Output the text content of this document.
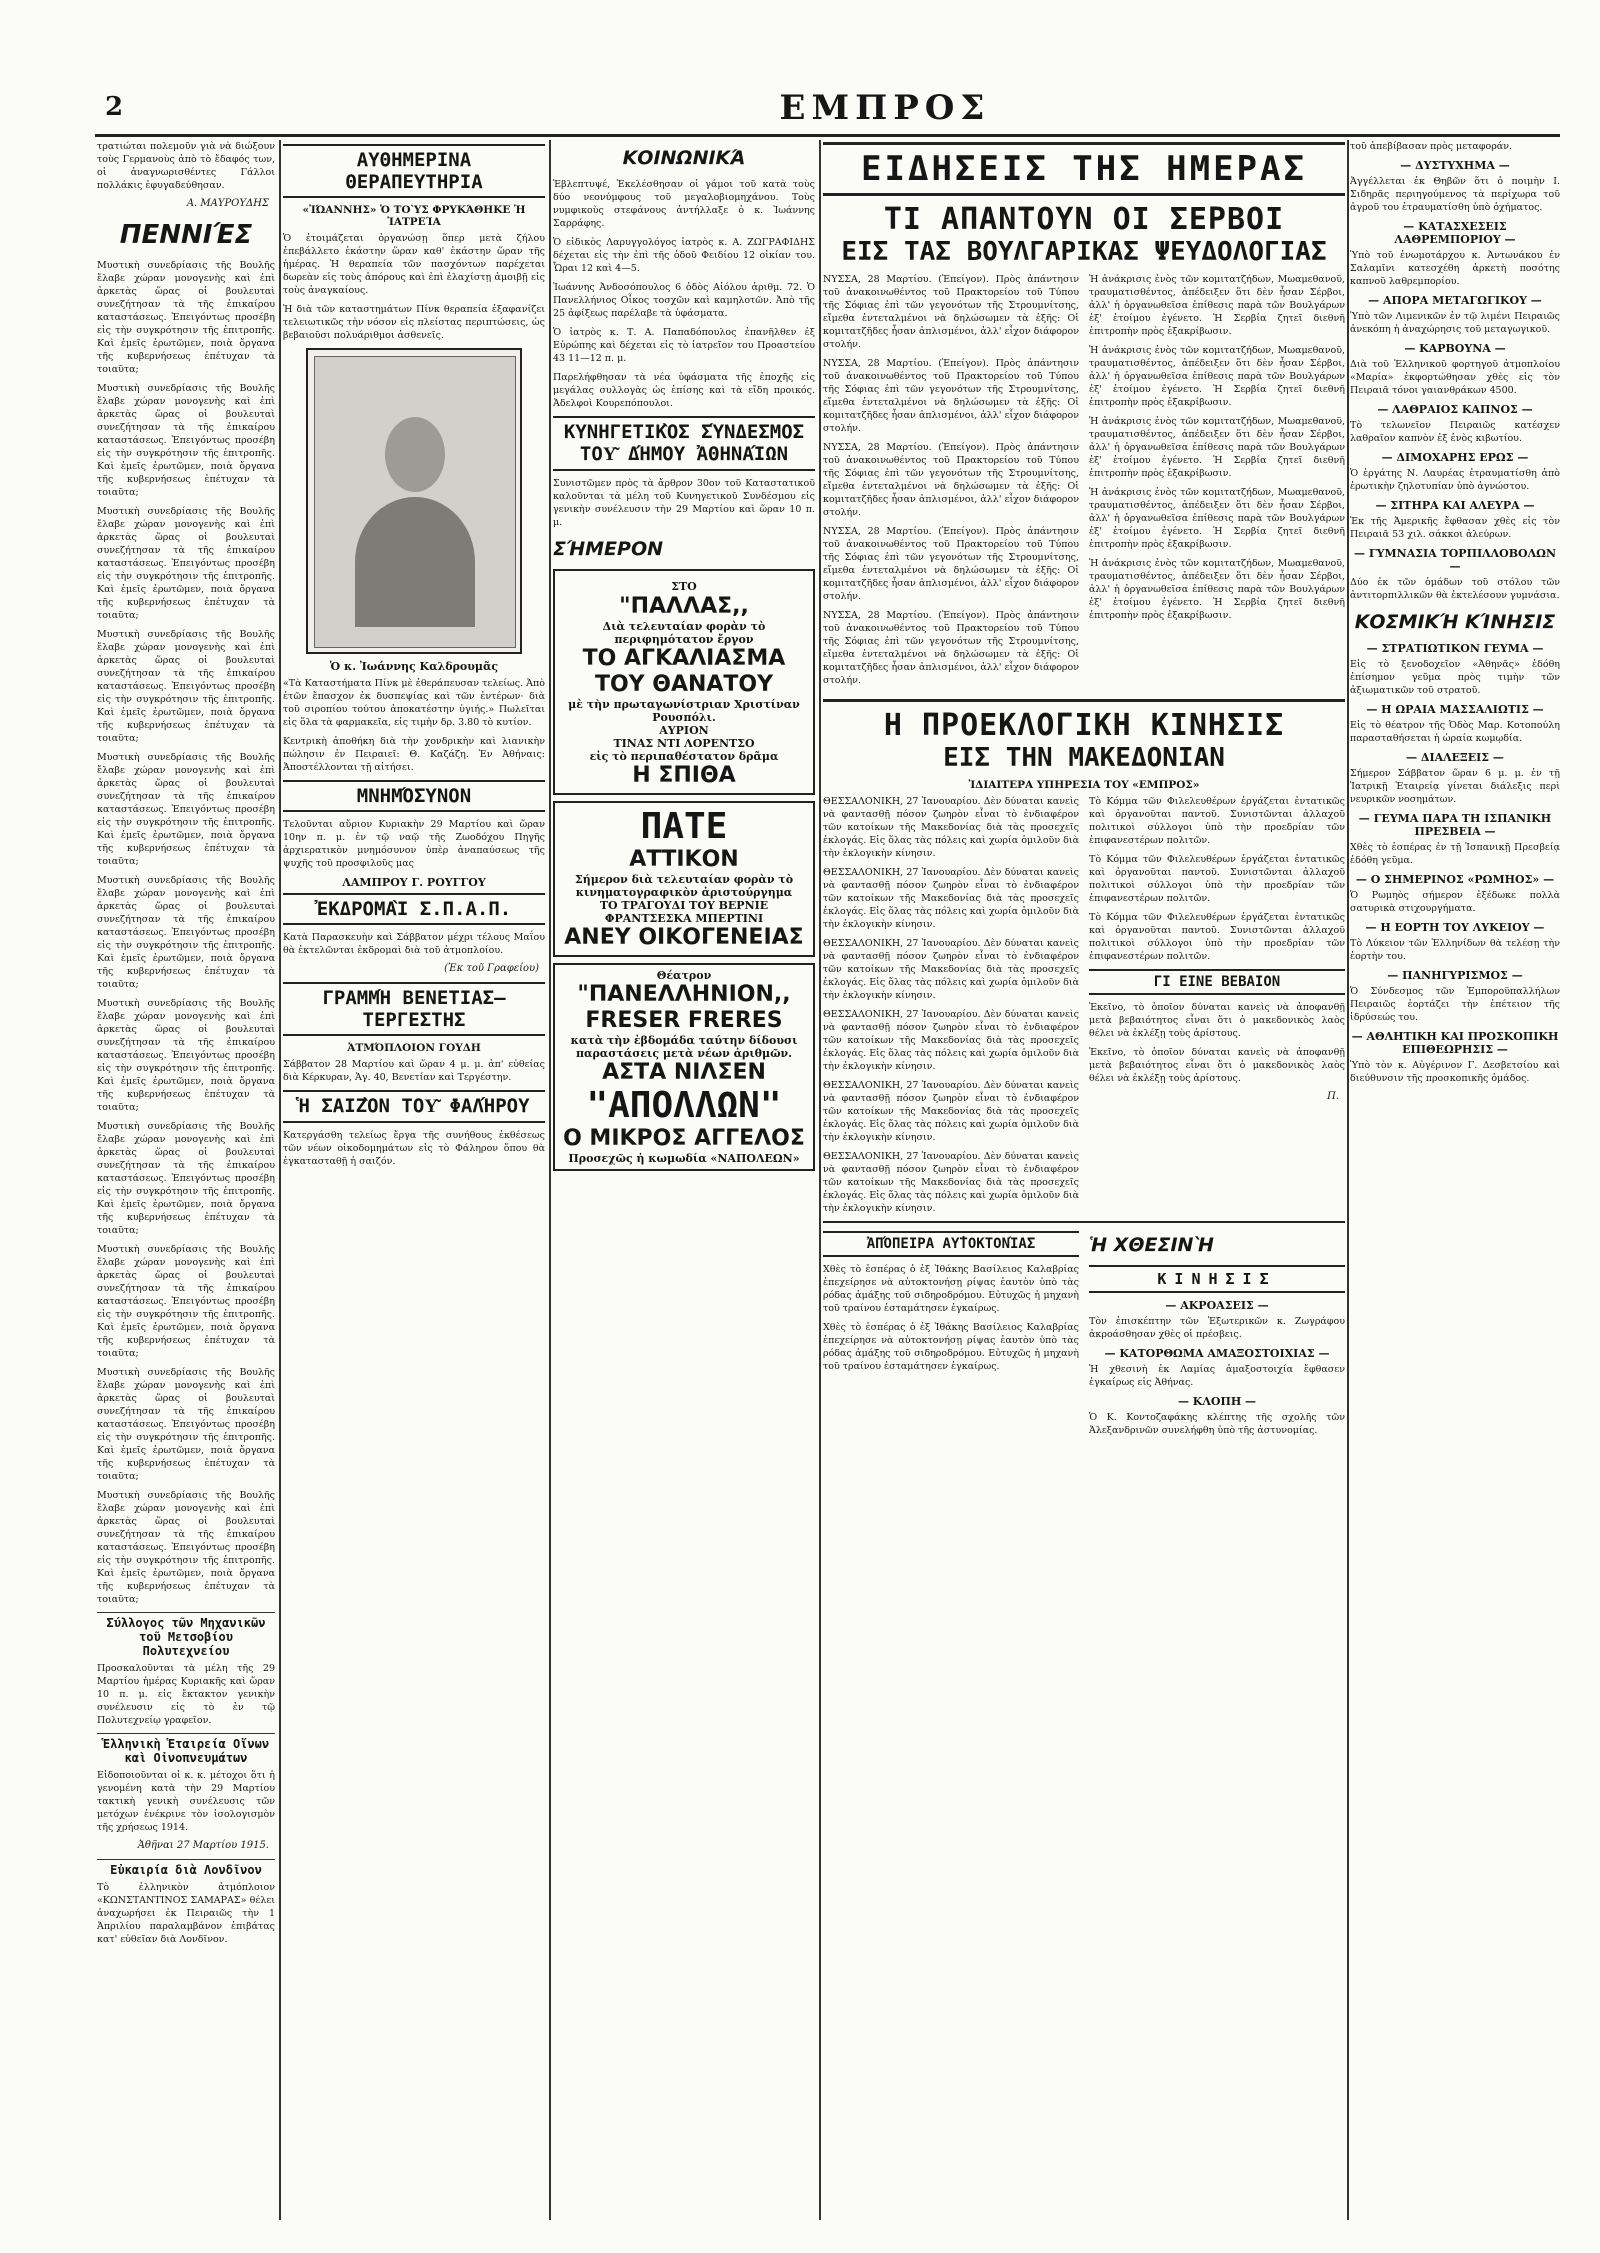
2	ΕΜΠΡΟΣ

τρατιώται πολεμοῦν γιὰ νὰ διώξουν τοὺς Γερμανοὺς ἀπὸ τὸ ἔδαφός των, οἱ ἀναγνωρισθέντες Γάλλοι πολλάκις ἐφυγαδεύθησαν.

Α. ΜΑΥΡΟΥΔΗΣ
ΠΕΝΝΙΈΣ

Μυστικὴ συνεδρίασις τῆς Βουλῆς ἔλαβε χώραν μονογενὴς καὶ ἐπὶ ἀρκετὰς ὥρας οἱ βουλευταὶ συνεζήτησαν τὰ τῆς ἐπικαίρου καταστάσεως. Ἐπειγόντως προσέβη εἰς τὴν συγκρότησιν τῆς ἐπιτροπῆς. Καὶ ἐμεῖς ἐρωτῶμεν, ποιὰ ὄργανα τῆς κυβερνήσεως ἐπέτυχαν τὰ τοιαῦτα;

Μυστικὴ συνεδρίασις τῆς Βουλῆς ἔλαβε χώραν μονογενὴς καὶ ἐπὶ ἀρκετὰς ὥρας οἱ βουλευταὶ συνεζήτησαν τὰ τῆς ἐπικαίρου καταστάσεως. Ἐπειγόντως προσέβη εἰς τὴν συγκρότησιν τῆς ἐπιτροπῆς. Καὶ ἐμεῖς ἐρωτῶμεν, ποιὰ ὄργανα τῆς κυβερνήσεως ἐπέτυχαν τὰ τοιαῦτα;

Μυστικὴ συνεδρίασις τῆς Βουλῆς ἔλαβε χώραν μονογενὴς καὶ ἐπὶ ἀρκετὰς ὥρας οἱ βουλευταὶ συνεζήτησαν τὰ τῆς ἐπικαίρου καταστάσεως. Ἐπειγόντως προσέβη εἰς τὴν συγκρότησιν τῆς ἐπιτροπῆς. Καὶ ἐμεῖς ἐρωτῶμεν, ποιὰ ὄργανα τῆς κυβερνήσεως ἐπέτυχαν τὰ τοιαῦτα;

Μυστικὴ συνεδρίασις τῆς Βουλῆς ἔλαβε χώραν μονογενὴς καὶ ἐπὶ ἀρκετὰς ὥρας οἱ βουλευταὶ συνεζήτησαν τὰ τῆς ἐπικαίρου καταστάσεως. Ἐπειγόντως προσέβη εἰς τὴν συγκρότησιν τῆς ἐπιτροπῆς. Καὶ ἐμεῖς ἐρωτῶμεν, ποιὰ ὄργανα τῆς κυβερνήσεως ἐπέτυχαν τὰ τοιαῦτα;

Μυστικὴ συνεδρίασις τῆς Βουλῆς ἔλαβε χώραν μονογενὴς καὶ ἐπὶ ἀρκετὰς ὥρας οἱ βουλευταὶ συνεζήτησαν τὰ τῆς ἐπικαίρου καταστάσεως. Ἐπειγόντως προσέβη εἰς τὴν συγκρότησιν τῆς ἐπιτροπῆς. Καὶ ἐμεῖς ἐρωτῶμεν, ποιὰ ὄργανα τῆς κυβερνήσεως ἐπέτυχαν τὰ τοιαῦτα;

Μυστικὴ συνεδρίασις τῆς Βουλῆς ἔλαβε χώραν μονογενὴς καὶ ἐπὶ ἀρκετὰς ὥρας οἱ βουλευταὶ συνεζήτησαν τὰ τῆς ἐπικαίρου καταστάσεως. Ἐπειγόντως προσέβη εἰς τὴν συγκρότησιν τῆς ἐπιτροπῆς. Καὶ ἐμεῖς ἐρωτῶμεν, ποιὰ ὄργανα τῆς κυβερνήσεως ἐπέτυχαν τὰ τοιαῦτα;

Μυστικὴ συνεδρίασις τῆς Βουλῆς ἔλαβε χώραν μονογενὴς καὶ ἐπὶ ἀρκετὰς ὥρας οἱ βουλευταὶ συνεζήτησαν τὰ τῆς ἐπικαίρου καταστάσεως. Ἐπειγόντως προσέβη εἰς τὴν συγκρότησιν τῆς ἐπιτροπῆς. Καὶ ἐμεῖς ἐρωτῶμεν, ποιὰ ὄργανα τῆς κυβερνήσεως ἐπέτυχαν τὰ τοιαῦτα;

Μυστικὴ συνεδρίασις τῆς Βουλῆς ἔλαβε χώραν μονογενὴς καὶ ἐπὶ ἀρκετὰς ὥρας οἱ βουλευταὶ συνεζήτησαν τὰ τῆς ἐπικαίρου καταστάσεως. Ἐπειγόντως προσέβη εἰς τὴν συγκρότησιν τῆς ἐπιτροπῆς. Καὶ ἐμεῖς ἐρωτῶμεν, ποιὰ ὄργανα τῆς κυβερνήσεως ἐπέτυχαν τὰ τοιαῦτα;

Μυστικὴ συνεδρίασις τῆς Βουλῆς ἔλαβε χώραν μονογενὴς καὶ ἐπὶ ἀρκετὰς ὥρας οἱ βουλευταὶ συνεζήτησαν τὰ τῆς ἐπικαίρου καταστάσεως. Ἐπειγόντως προσέβη εἰς τὴν συγκρότησιν τῆς ἐπιτροπῆς. Καὶ ἐμεῖς ἐρωτῶμεν, ποιὰ ὄργανα τῆς κυβερνήσεως ἐπέτυχαν τὰ τοιαῦτα;

Μυστικὴ συνεδρίασις τῆς Βουλῆς ἔλαβε χώραν μονογενὴς καὶ ἐπὶ ἀρκετὰς ὥρας οἱ βουλευταὶ συνεζήτησαν τὰ τῆς ἐπικαίρου καταστάσεως. Ἐπειγόντως προσέβη εἰς τὴν συγκρότησιν τῆς ἐπιτροπῆς. Καὶ ἐμεῖς ἐρωτῶμεν, ποιὰ ὄργανα τῆς κυβερνήσεως ἐπέτυχαν τὰ τοιαῦτα;

Μυστικὴ συνεδρίασις τῆς Βουλῆς ἔλαβε χώραν μονογενὴς καὶ ἐπὶ ἀρκετὰς ὥρας οἱ βουλευταὶ συνεζήτησαν τὰ τῆς ἐπικαίρου καταστάσεως. Ἐπειγόντως προσέβη εἰς τὴν συγκρότησιν τῆς ἐπιτροπῆς. Καὶ ἐμεῖς ἐρωτῶμεν, ποιὰ ὄργανα τῆς κυβερνήσεως ἐπέτυχαν τὰ τοιαῦτα;

Σύλλογος τῶν Μηχανικῶν τοῦ Μετσοβίου Πολυτεχνείου

Προσκαλοῦνται τὰ μέλη τῆς 29 Μαρτίου ἡμέρας Κυριακῆς καὶ ὥραν 10 π. μ. εἰς ἔκτακτον γενικὴν συνέλευσιν εἰς τὸ ἐν τῷ Πολυτεχνείῳ γραφεῖον.

Ἑλληνικὴ Ἑταιρεία Οἴνων καὶ Οἰνοπνευμάτων

Εἰδοποιοῦνται οἱ κ. κ. μέτοχοι ὅτι ἡ γενομένη κατὰ τὴν 29 Μαρτίου τακτικὴ γενικὴ συνέλευσις τῶν μετόχων ἐνέκρινε τὸν ἰσολογισμὸν τῆς χρήσεως 1914.

Ἀθῆναι 27 Μαρτίου 1915.
Εὐκαιρία διὰ Λονδῖνον

Τὸ ἑλληνικὸν ἀτμόπλοιον «ΚΩΝΣΤΑΝΤΙΝΟΣ ΣΑΜΑΡΑΣ» θέλει ἀναχωρήσει ἐκ Πειραιῶς τὴν 1 Ἀπριλίου παραλαμβάνον ἐπιβάτας κατ' εὐθεῖαν διὰ Λονδῖνον.

ΑΥΘΗΜΕΡΙΝΑ ΘΕΡΑΠΕΥΤΗΡΙΑ
«ἸΏΑΝΝΗΣ» Ὁ ΤΟῪΣ ΦΡΥΚΆΘΗΚΕ Ἡ ἸΑΤΡΕΊΑ

Ὁ ἐτοιμάζεται ὀργανώσῃ ὅπερ μετὰ ζήλου ἐπεβάλλετο ἑκάστην ὥραν καθ' ἑκάστην ὥραν τῆς ἡμέρας. Ἡ θεραπεία τῶν πασχόντων παρέχεται δωρεὰν εἰς τοὺς ἀπόρους καὶ ἐπὶ ἐλαχίστῃ ἀμοιβῇ εἰς τοὺς ἀναγκαίους.

Ἡ διὰ τῶν καταστημάτων Πίνκ θεραπεία ἐξαφανίζει τελειωτικῶς τὴν νόσον εἰς πλείστας περιπτώσεις, ὡς βεβαιοῦσι πολυάριθμοι ἀσθενεῖς.

Ὁ κ. Ἰωάννης Καλδρουμᾶς

«Τὰ Καταστήματα Πίνκ μὲ ἐθεράπευσαν τελείως. Ἀπὸ ἐτῶν ἔπασχον ἐκ δυσπεψίας καὶ τῶν ἐντέρων· διὰ τοῦ σιροπίου τούτου ἀποκατέστην ὑγιής.» Πωλεῖται εἰς ὅλα τὰ φαρμακεῖα, εἰς τιμὴν δρ. 3.80 τὸ κυτίον.

Κεντρικὴ ἀποθήκη διὰ τὴν χονδρικὴν καὶ λιανικὴν πώλησιν ἐν Πειραιεῖ: Θ. Καζάζη. Ἐν Ἀθήναις: Ἀποστέλλονται τῇ αἰτήσει.

ΜΝΗΜΌΣΥΝΟΝ

Τελοῦνται αὔριον Κυριακὴν 29 Μαρτίου καὶ ὥραν 10ην π. μ. ἐν τῷ ναῷ τῆς Ζωοδόχου Πηγῆς ἀρχιερατικὸν μνημόσυνον ὑπὲρ ἀναπαύσεως τῆς ψυχῆς τοῦ προσφιλοῦς μας

ΛΑΜΠΡΟΥ Γ. ΡΟΥΓΓΟΥ
ἘΚΔΡΟΜΑῚ Σ.Π.Α.Π.

Κατὰ Παρασκευὴν καὶ Σάββατον μέχρι τέλους Μαΐου θὰ ἐκτελῶνται ἐκδρομαὶ διὰ τοῦ ἀτμοπλοίου.

(Ἐκ τοῦ Γραφείου)
ΓΡΑΜΜΉ ΒΕΝΕΤΙΑΣ—ΤΕΡΓΕΣΤΗΣ
ἈΤΜΌΠΛΟΙΟΝ ΓΟΥΔΗ

Σάββατον 28 Μαρτίου καὶ ὥραν 4 μ. μ. ἀπ' εὐθείας διὰ Κέρκυραν, Ἁγ. 40, Βενετίαν καὶ Τεργέστην.

Ἡ ΣΑΙΖῸΝ ΤΟΥ͂ ΦΑΛΉΡΟΥ

Κατεργάσθη τελείως ἔργα τῆς συνήθους ἐκθέσεως τῶν νέων οἰκοδομημάτων εἰς τὸ Φάληρον ὅπου θὰ ἐγκατασταθῇ ἡ σαιζόν.

ΚΟΙΝΩΝΙΚΆ

Ἐβλεπτυψέ, Ἐκελέσθησαν οἱ γάμοι τοῦ κατὰ τοὺς δύο νεονύμφους τοῦ μεγαλοβιομηχάνου. Τοὺς νυμφικοὺς στεφάνους ἀντήλλαξε ὁ κ. Ἰωάννης Σαρράφης.

Ὁ εἰδικὸς Λαρυγγολόγος ἰατρὸς κ. Α. ΖΩΓΡΑΦΙΔΗΣ δέχεται εἰς τὴν ἐπὶ τῆς ὁδοῦ Φειδίου 12 οἰκίαν του. Ὧραι 12 καὶ 4—5.

Ἰωάννης Ἀνδοσόπουλος 6 ὁδὸς Αἰόλου ἀριθμ. 72. Ὁ Πανελλήνιος Οἶκος τοσχῶν καὶ καμηλοτῶν. Ἀπὸ τῆς 25 ἀφίξεως παρέλαβε τὰ ὑφάσματα.

Ὁ ἰατρὸς κ. Τ. Α. Παπαδόπουλος ἐπανῆλθεν ἐξ Εὐρώπης καὶ δέχεται εἰς τὸ ἰατρεῖον του Προαστείου 43 11—12 π. μ.

Παρελήφθησαν τὰ νέα ὑφάσματα τῆς ἐποχῆς εἰς μεγάλας συλλογὰς ὡς ἐπίσης καὶ τὰ εἴδη προικός. Ἀδελφοὶ Κουρεπόπουλοι.

ΚΥΝΗΓΕΤΙΚῸΣ ΣΎΝΔΕΣΜΟΣ ΤΟΥ͂ ΔΉΜΟΥ ἈΘΗΝΑΊΩΝ

Συνιστῶμεν πρὸς τὰ ἄρθρον 30ον τοῦ Καταστατικοῦ καλοῦνται τὰ μέλη τοῦ Κυνηγετικοῦ Συνδέσμου εἰς γενικὴν συνέλευσιν τὴν 29 Μαρτίου καὶ ὥραν 10 π. μ.

ΣΉΜΕΡΟΝ
ΣΤΟ
"ΠΑΛΛΑΣ,,
Διὰ τελευταίαν φορὰν τὸ περιφημότατον ἔργον
ΤΟ ΑΓΚΑΛΙΑΣΜΑ
ΤΟΥ ΘΑΝΑΤΟΥ
μὲ τὴν πρωταγωνίστριαν Χριστίναν Ρουσπόλι.
ΑΥΡΙΟΝ
ΤΙΝΑΣ ΝΤΙ ΛΟΡΕΝΤΣΟ
εἰς τὸ περιπαθέστατον δρᾶμα
Η ΣΠΙΘΑ
ΠΑΤΕ
ΑΤΤΙΚΟΝ
Σήμερον διὰ τελευταίαν φορὰν τὸ κινηματογραφικὸν ἀριστούργημα
ΤΟ ΤΡΑΓΟΥΔΙ ΤΟΥ ΒΕΡΝΙΕ
ΦΡΑΝΤΣΕΣΚΑ ΜΠΕΡΤΙΝΙ
ΑΝΕΥ ΟΙΚΟΓΕΝΕΙΑΣ
Θέατρον
"ΠΑΝΕΛΛΗΝΙΟΝ,,
FRESER FRERES
κατὰ τὴν ἐβδομάδα ταύτην δίδουσι παραστάσεις μετὰ νέων ἀριθμῶν.
ΑΣΤΑ ΝΙΛΣΕΝ
"ΑΠΟΛΛΩΝ"
Ο ΜΙΚΡΟΣ ΑΓΓΕΛΟΣ
Προσεχῶς ἡ κωμωδία «ΝΑΠΟΛΕΩΝ»
ΕΙΔΗΣΕΙΣ ΤΗΣ ΗΜΕΡΑΣ
ΤΙ ΑΠΑΝΤΟΥΝ ΟΙ ΣΕΡΒΟΙ
ΕΙΣ ΤΑΣ ΒΟΥΛΓΑΡΙΚΑΣ ΨΕΥΔΟΛΟΓΙΑΣ

ΝΥΣΣΑ, 28 Μαρτίου. (Ἐπείγον). Πρὸς ἀπάντησιν τοῦ ἀνακοινωθέντος τοῦ Πρακτορείου τοῦ Τύπου τῆς Σόφιας ἐπὶ τῶν γεγονότων τῆς Στρουμνίτσης, εἴμεθα ἐντεταλμένοι νὰ δηλώσωμεν τὰ ἑξῆς: Οἱ κομιτατζῆδες ἦσαν ἀπλισμένοι, ἀλλ' εἶχον διάφορον στολήν.

ΝΥΣΣΑ, 28 Μαρτίου. (Ἐπείγον). Πρὸς ἀπάντησιν τοῦ ἀνακοινωθέντος τοῦ Πρακτορείου τοῦ Τύπου τῆς Σόφιας ἐπὶ τῶν γεγονότων τῆς Στρουμνίτσης, εἴμεθα ἐντεταλμένοι νὰ δηλώσωμεν τὰ ἑξῆς: Οἱ κομιτατζῆδες ἦσαν ἀπλισμένοι, ἀλλ' εἶχον διάφορον στολήν.

ΝΥΣΣΑ, 28 Μαρτίου. (Ἐπείγον). Πρὸς ἀπάντησιν τοῦ ἀνακοινωθέντος τοῦ Πρακτορείου τοῦ Τύπου τῆς Σόφιας ἐπὶ τῶν γεγονότων τῆς Στρουμνίτσης, εἴμεθα ἐντεταλμένοι νὰ δηλώσωμεν τὰ ἑξῆς: Οἱ κομιτατζῆδες ἦσαν ἀπλισμένοι, ἀλλ' εἶχον διάφορον στολήν.

ΝΥΣΣΑ, 28 Μαρτίου. (Ἐπείγον). Πρὸς ἀπάντησιν τοῦ ἀνακοινωθέντος τοῦ Πρακτορείου τοῦ Τύπου τῆς Σόφιας ἐπὶ τῶν γεγονότων τῆς Στρουμνίτσης, εἴμεθα ἐντεταλμένοι νὰ δηλώσωμεν τὰ ἑξῆς: Οἱ κομιτατζῆδες ἦσαν ἀπλισμένοι, ἀλλ' εἶχον διάφορον στολήν.

ΝΥΣΣΑ, 28 Μαρτίου. (Ἐπείγον). Πρὸς ἀπάντησιν τοῦ ἀνακοινωθέντος τοῦ Πρακτορείου τοῦ Τύπου τῆς Σόφιας ἐπὶ τῶν γεγονότων τῆς Στρουμνίτσης, εἴμεθα ἐντεταλμένοι νὰ δηλώσωμεν τὰ ἑξῆς: Οἱ κομιτατζῆδες ἦσαν ἀπλισμένοι, ἀλλ' εἶχον διάφορον στολήν.

Ἡ ἀνάκρισις ἐνὸς τῶν κομιτατζήδων, Μωαμεθανοῦ, τραυματισθέντος, ἀπέδειξεν ὅτι δὲν ἦσαν Σέρβοι, ἀλλ' ἡ ὀργανωθεῖσα ἐπίθεσις παρὰ τῶν Βουλγάρων ἐξ' ἑτοίμου ἐγένετο. Ἡ Σερβία ζητεῖ διεθνῆ ἐπιτροπὴν πρὸς ἐξακρίβωσιν.

Ἡ ἀνάκρισις ἐνὸς τῶν κομιτατζήδων, Μωαμεθανοῦ, τραυματισθέντος, ἀπέδειξεν ὅτι δὲν ἦσαν Σέρβοι, ἀλλ' ἡ ὀργανωθεῖσα ἐπίθεσις παρὰ τῶν Βουλγάρων ἐξ' ἑτοίμου ἐγένετο. Ἡ Σερβία ζητεῖ διεθνῆ ἐπιτροπὴν πρὸς ἐξακρίβωσιν.

Ἡ ἀνάκρισις ἐνὸς τῶν κομιτατζήδων, Μωαμεθανοῦ, τραυματισθέντος, ἀπέδειξεν ὅτι δὲν ἦσαν Σέρβοι, ἀλλ' ἡ ὀργανωθεῖσα ἐπίθεσις παρὰ τῶν Βουλγάρων ἐξ' ἑτοίμου ἐγένετο. Ἡ Σερβία ζητεῖ διεθνῆ ἐπιτροπὴν πρὸς ἐξακρίβωσιν.

Ἡ ἀνάκρισις ἐνὸς τῶν κομιτατζήδων, Μωαμεθανοῦ, τραυματισθέντος, ἀπέδειξεν ὅτι δὲν ἦσαν Σέρβοι, ἀλλ' ἡ ὀργανωθεῖσα ἐπίθεσις παρὰ τῶν Βουλγάρων ἐξ' ἑτοίμου ἐγένετο. Ἡ Σερβία ζητεῖ διεθνῆ ἐπιτροπὴν πρὸς ἐξακρίβωσιν.

Ἡ ἀνάκρισις ἐνὸς τῶν κομιτατζήδων, Μωαμεθανοῦ, τραυματισθέντος, ἀπέδειξεν ὅτι δὲν ἦσαν Σέρβοι, ἀλλ' ἡ ὀργανωθεῖσα ἐπίθεσις παρὰ τῶν Βουλγάρων ἐξ' ἑτοίμου ἐγένετο. Ἡ Σερβία ζητεῖ διεθνῆ ἐπιτροπὴν πρὸς ἐξακρίβωσιν.

Η ΠΡΟΕΚΛΟΓΙΚΗ ΚΙΝΗΣΙΣ
ΕΙΣ ΤΗΝ ΜΑΚΕΔΟΝΙΑΝ
ἸΔΙΑΙΤΕΡΑ ΥΠΗΡΕΣΙΑ ΤΟΥ «ΕΜΠΡΟΣ»

ΘΕΣΣΑΛΟΝΙΚΗ, 27 Ἰανουαρίου. Δὲν δύναται κανεὶς νὰ φαντασθῇ πόσον ζωηρὸν εἶναι τὸ ἐνδιαφέρον τῶν κατοίκων τῆς Μακεδονίας διὰ τὰς προσεχεῖς ἐκλογάς. Εἰς ὅλας τὰς πόλεις καὶ χωρία ὁμιλοῦν διὰ τὴν ἐκλογικὴν κίνησιν.

ΘΕΣΣΑΛΟΝΙΚΗ, 27 Ἰανουαρίου. Δὲν δύναται κανεὶς νὰ φαντασθῇ πόσον ζωηρὸν εἶναι τὸ ἐνδιαφέρον τῶν κατοίκων τῆς Μακεδονίας διὰ τὰς προσεχεῖς ἐκλογάς. Εἰς ὅλας τὰς πόλεις καὶ χωρία ὁμιλοῦν διὰ τὴν ἐκλογικὴν κίνησιν.

ΘΕΣΣΑΛΟΝΙΚΗ, 27 Ἰανουαρίου. Δὲν δύναται κανεὶς νὰ φαντασθῇ πόσον ζωηρὸν εἶναι τὸ ἐνδιαφέρον τῶν κατοίκων τῆς Μακεδονίας διὰ τὰς προσεχεῖς ἐκλογάς. Εἰς ὅλας τὰς πόλεις καὶ χωρία ὁμιλοῦν διὰ τὴν ἐκλογικὴν κίνησιν.

ΘΕΣΣΑΛΟΝΙΚΗ, 27 Ἰανουαρίου. Δὲν δύναται κανεὶς νὰ φαντασθῇ πόσον ζωηρὸν εἶναι τὸ ἐνδιαφέρον τῶν κατοίκων τῆς Μακεδονίας διὰ τὰς προσεχεῖς ἐκλογάς. Εἰς ὅλας τὰς πόλεις καὶ χωρία ὁμιλοῦν διὰ τὴν ἐκλογικὴν κίνησιν.

ΘΕΣΣΑΛΟΝΙΚΗ, 27 Ἰανουαρίου. Δὲν δύναται κανεὶς νὰ φαντασθῇ πόσον ζωηρὸν εἶναι τὸ ἐνδιαφέρον τῶν κατοίκων τῆς Μακεδονίας διὰ τὰς προσεχεῖς ἐκλογάς. Εἰς ὅλας τὰς πόλεις καὶ χωρία ὁμιλοῦν διὰ τὴν ἐκλογικὴν κίνησιν.

ΘΕΣΣΑΛΟΝΙΚΗ, 27 Ἰανουαρίου. Δὲν δύναται κανεὶς νὰ φαντασθῇ πόσον ζωηρὸν εἶναι τὸ ἐνδιαφέρον τῶν κατοίκων τῆς Μακεδονίας διὰ τὰς προσεχεῖς ἐκλογάς. Εἰς ὅλας τὰς πόλεις καὶ χωρία ὁμιλοῦν διὰ τὴν ἐκλογικὴν κίνησιν.

Τὸ Κόμμα τῶν Φιλελευθέρων ἐργάζεται ἐντατικῶς καὶ ὀργανοῦται παντοῦ. Συνιστῶνται ἀλλαχοῦ πολιτικοὶ σύλλογοι ὑπὸ τὴν προεδρίαν τῶν ἐπιφανεστέρων πολιτῶν.

Τὸ Κόμμα τῶν Φιλελευθέρων ἐργάζεται ἐντατικῶς καὶ ὀργανοῦται παντοῦ. Συνιστῶνται ἀλλαχοῦ πολιτικοὶ σύλλογοι ὑπὸ τὴν προεδρίαν τῶν ἐπιφανεστέρων πολιτῶν.

Τὸ Κόμμα τῶν Φιλελευθέρων ἐργάζεται ἐντατικῶς καὶ ὀργανοῦται παντοῦ. Συνιστῶνται ἀλλαχοῦ πολιτικοὶ σύλλογοι ὑπὸ τὴν προεδρίαν τῶν ἐπιφανεστέρων πολιτῶν.

ΓΙ ΕΙΝΕ ΒΕΒΑΙΟΝ

Ἐκεῖνο, τὸ ὁποῖον δύναται κανεὶς νὰ ἀποφανθῇ μετὰ βεβαιότητος εἶναι ὅτι ὁ μακεδονικὸς λαὸς θέλει νὰ ἐκλέξῃ τοὺς ἀρίστους.

Ἐκεῖνο, τὸ ὁποῖον δύναται κανεὶς νὰ ἀποφανθῇ μετὰ βεβαιότητος εἶναι ὅτι ὁ μακεδονικὸς λαὸς θέλει νὰ ἐκλέξῃ τοὺς ἀρίστους.

Π.
ἈΠΌΠΕΙΡΑ ΑΥ̓ΤΟΚΤΟΝΊΑΣ

Χθὲς τὸ ἑσπέρας ὁ ἐξ Ἰθάκης Βασίλειος Καλαβρίας ἐπεχείρησε νὰ αὐτοκτονήσῃ ρίψας ἑαυτὸν ὑπὸ τὰς ρόδας ἁμάξης τοῦ σιδηροδρόμου. Εὐτυχῶς ἡ μηχανὴ τοῦ τραίνου ἐσταμάτησεν ἐγκαίρως.

Χθὲς τὸ ἑσπέρας ὁ ἐξ Ἰθάκης Βασίλειος Καλαβρίας ἐπεχείρησε νὰ αὐτοκτονήσῃ ρίψας ἑαυτὸν ὑπὸ τὰς ρόδας ἁμάξης τοῦ σιδηροδρόμου. Εὐτυχῶς ἡ μηχανὴ τοῦ τραίνου ἐσταμάτησεν ἐγκαίρως.

Ἡ ΧΘΕΣΙΝῊ
ΚΙΝΗΣΙΣ
— ΑΚΡΟΑΣΕΙΣ —

Τὸν ἐπισκέπτην τῶν Ἐξωτερικῶν κ. Ζωγράφου ἀκροάσθησαν χθὲς οἱ πρέσβεις.

— ΚΑΤΟΡΘΩΜΑ ΑΜΑΞΟΣΤΟΙΧΙΑΣ —

Ἡ χθεσινὴ ἐκ Λαμίας ἁμαξοστοιχία ἔφθασεν ἐγκαίρως εἰς Ἀθήνας.

— ΚΛΟΠΗ —

Ὁ Κ. Κοντοζαφάκης κλέπτης τῆς σχολῆς τῶν Ἀλεξανδρινῶν συνελήφθη ὑπὸ τῆς ἀστυνομίας.

τοῦ ἀπεβίβασαν πρὸς μεταφοράν.

— ΔΥΣΤΥΧΗΜΑ —

Ἀγγέλλεται ἐκ Θηβῶν ὅτι ὁ ποιμὴν Ι. Σιδηρᾶς περιηγούμενος τὰ περίχωρα τοῦ ἀγροῦ του ἐτραυματίσθη ὑπὸ ὀχήματος.

— ΚΑΤΑΣΧΕΣΕΙΣ ΛΑΘΡΕΜΠΟΡΙΟΥ —

Ὑπὸ τοῦ ἐνωμοτάρχου κ. Ἀντωνάκου ἐν Σαλαμῖνι κατεσχέθη ἀρκετὴ ποσότης καπνοῦ λαθρεμπορίου.

— ΑΠΟΡΑ ΜΕΤΑΓΩΓΙΚΟΥ —

Ὑπὸ τῶν Λιμενικῶν ἐν τῷ λιμένι Πειραιῶς ἀνεκόπη ἡ ἀναχώρησις τοῦ μεταγωγικοῦ.

— ΚΑΡΒΟΥΝΑ —

Διὰ τοῦ Ἑλληνικοῦ φορτηγοῦ ἀτμοπλοίου «Μαρία» ἐκφορτώθησαν χθὲς εἰς τὸν Πειραιᾶ τόνοι γαιανθράκων 4500.

— ΛΑΘΡΑΙΟΣ ΚΑΠΝΟΣ —

Τὸ τελωνεῖον Πειραιῶς κατέσχεν λαθραῖον καπνὸν ἐξ ἑνὸς κιβωτίου.

— ΔΙΜΟΧΑΡΗΣ ΕΡΩΣ —

Ὁ ἐργάτης Ν. Λαυρέας ἐτραυματίσθη ἀπὸ ἐρωτικὴν ζηλοτυπίαν ὑπὸ ἀγνώστου.

— ΣΙΤΗΡΑ ΚΑΙ ΑΛΕΥΡΑ —

Ἐκ τῆς Ἀμερικῆς ἔφθασαν χθὲς εἰς τὸν Πειραιᾶ 53 χιλ. σάκκοι ἀλεύρων.

— ΓΥΜΝΑΣΙΑ ΤΟΡΠΙΛΛΟΒΟΛΩΝ —

Δύο ἐκ τῶν ὁμάδων τοῦ στόλου τῶν ἀντιτορπιλλικῶν θὰ ἐκτελέσουν γυμνάσια.

ΚΟΣΜΙΚΉ ΚΊΝΗΣΙΣ
— ΣΤΡΑΤΙΩΤΙΚΟΝ ΓΕΥΜΑ —

Εἰς τὸ ξενοδοχεῖον «Ἀθηνᾶς» ἐδόθη ἐπίσημον γεῦμα πρὸς τιμὴν τῶν ἀξιωματικῶν τοῦ στρατοῦ.

— Η ΩΡΑΙΑ ΜΑΣΣΑΛΙΩΤΙΣ —

Εἰς τὸ θέατρον τῆς Ὀδὸς Μαρ. Κοτοπούλη παρασταθήσεται ἡ ὡραία κωμῳδία.

— ΔΙΑΛΕΞΕΙΣ —

Σήμερον Σάββατον ὥραν 6 μ. μ. ἐν τῇ Ἰατρικῇ Ἑταιρείᾳ γίνεται διάλεξις περὶ νευρικῶν νοσημάτων.

— ΓΕΥΜΑ ΠΑΡΑ ΤΗ ΙΣΠΑΝΙΚΗ ΠΡΕΣΒΕΙΑ —

Χθὲς τὸ ἑσπέρας ἐν τῇ Ἱσπανικῇ Πρεσβείᾳ ἐδόθη γεῦμα.

— Ο ΣΗΜΕΡΙΝΟΣ «ΡΩΜΗΟΣ» —

Ὁ Ρωμηὸς σήμερον ἐξέδωκε πολλὰ σατυρικὰ στιχουργήματα.

— Η ΕΟΡΤΗ ΤΟΥ ΛΥΚΕΙΟΥ —

Τὸ Λύκειον τῶν Ἑλληνίδων θὰ τελέσῃ τὴν ἑορτὴν του.

— ΠΑΝΗΓΥΡΙΣΜΟΣ —

Ὁ Σύνδεσμος τῶν Ἐμποροϋπαλλήλων Πειραιῶς ἑορτάζει τὴν ἐπέτειον τῆς ἱδρύσεώς του.

— ΑΘΛΗΤΙΚΗ ΚΑΙ ΠΡΟΣΚΟΠΙΚΗ ΕΠΙΘΕΩΡΗΣΙΣ —

Ὑπὸ τὸν κ. Αὐγέρινον Γ. Δεσβετσίου καὶ διεύθυνσιν τῆς προσκοπικῆς ὁμάδος.
